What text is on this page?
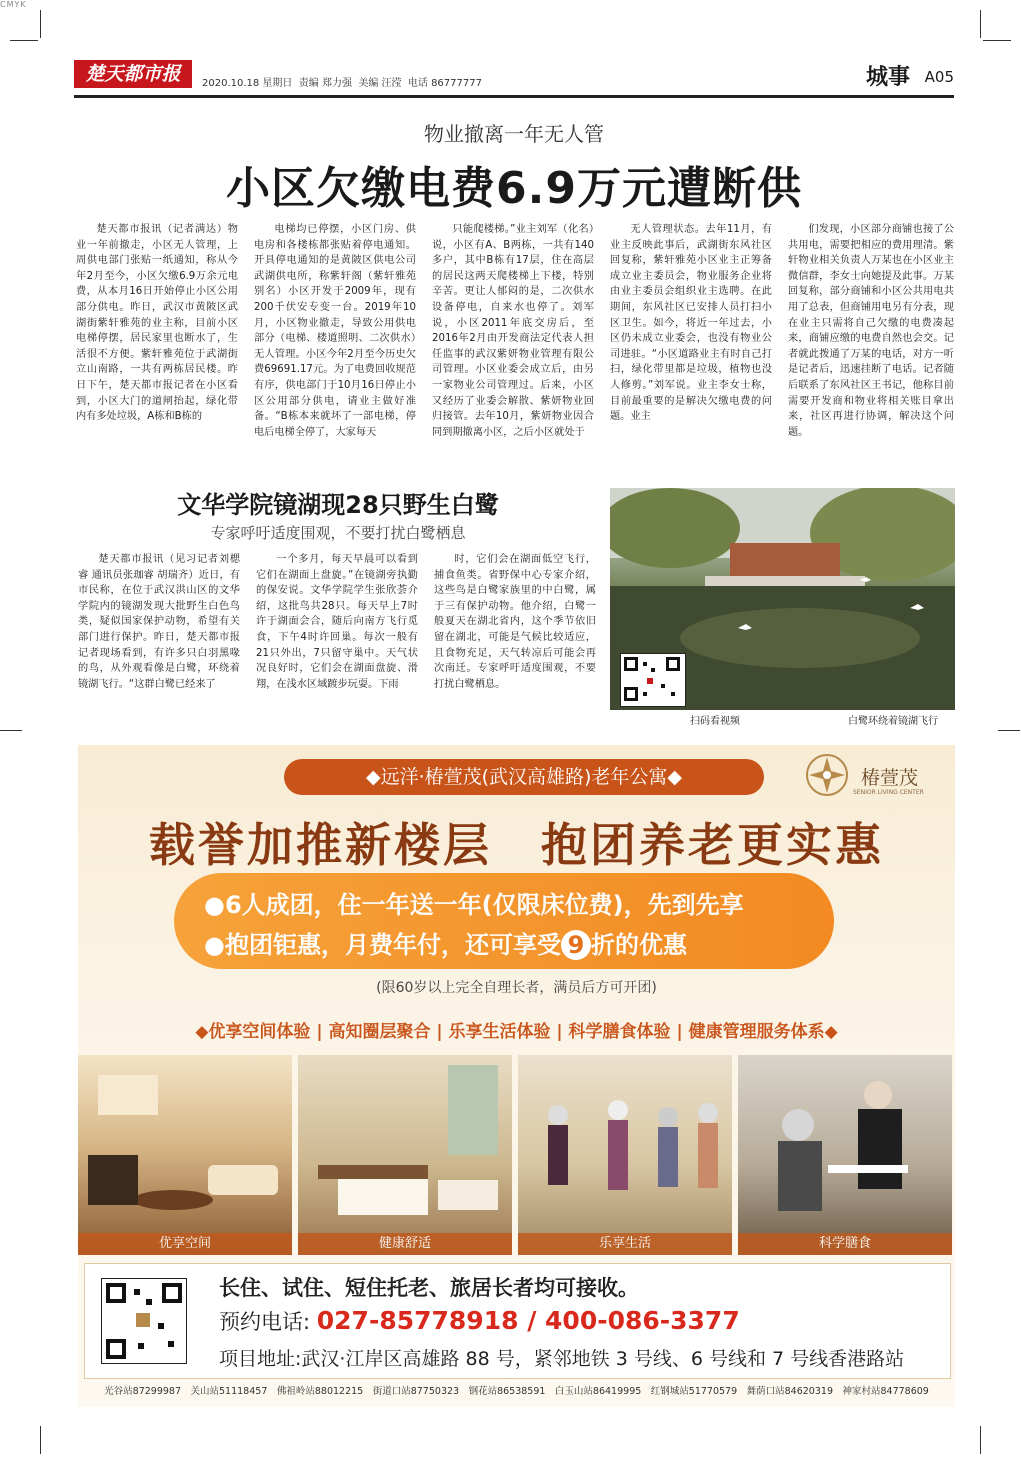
CMYK
楚天都市报	2020.10.18 星期日 责编 郑力强 美编 汪滢 电话 86777777	城事 A05
物业撤离一年无人管
小区欠缴电费6.9万元遭断供

楚天都市报讯（记者满达）物业一年前撤走，小区无人管理，上周供电部门张贴一纸通知，称从今年2月至今，小区欠缴6.9万余元电费，从本月16日开始停止小区公用部分供电。昨日，武汉市黄陂区武湖街紫轩雅苑的业主称，目前小区电梯停摆，居民家里也断水了，生活很不方便。紫轩雅苑位于武湖街立山南路，一共有两栋居民楼。昨日下午，楚天都市报记者在小区看到，小区大门的道闸抬起，绿化带内有多处垃圾，A栋和B栋的

电梯均已停摆，小区门房、供电房和各楼栋都张贴着停电通知。开具停电通知的是黄陂区供电公司武湖供电所，称紫轩阁（紫轩雅苑别名）小区开发于2009年，现有200千伏安专变一台。2019年10月，小区物业撤走，导致公用供电部分（电梯、楼道照明、二次供水）无人管理。小区今年2月至今历史欠费69691.17元。为了电费回收规范有序，供电部门于10月16日停止小区公用部分供电，请业主做好准备。“B栋本来就坏了一部电梯，停电后电梯全停了，大家每天

只能爬楼梯。”业主刘军（化名）说，小区有A、B两栋，一共有140多户，其中B栋有17层，住在高层的居民这两天爬楼梯上下楼，特别辛苦。更让人郁闷的是，二次供水设备停电，自来水也停了。刘军说，小区2011年底交房后，至2016年2月由开发商法定代表人担任监事的武汉紫妍物业管理有限公司管理。小区业委会成立后，由另一家物业公司管理过。后来，小区又经历了业委会解散、紫妍物业回归接管。去年10月，紫妍物业因合同到期撤离小区，之后小区就处于

无人管理状态。去年11月，有业主反映此事后，武湖街东风社区回复称，紫轩雅苑小区业主正筹备成立业主委员会，物业服务企业将由业主委员会组织业主选聘。在此期间，东风社区已安排人员打扫小区卫生。如今，将近一年过去，小区仍未成立业委会，也没有物业公司进驻。“小区道路业主有时自己打扫，绿化带里都是垃圾，植物也没人修剪。”刘军说。业主李女士称，目前最重要的是解决欠缴电费的问题。业主

们发现，小区部分商铺也接了公共用电，需要把相应的费用理清。紫轩物业相关负责人万某也在小区业主微信群，李女士向她提及此事。万某回复称，部分商铺和小区公共用电共用了总表，但商铺用电另有分表，现在业主只需将自己欠缴的电费凑起来，商铺应缴的电费自然也会交。记者就此拨通了万某的电话，对方一听是记者后，迅速挂断了电话。记者随后联系了东风社区王书记，他称目前需要开发商和物业将相关账目拿出来，社区再进行协调，解决这个问题。

文华学院镜湖现28只野生白鹭
专家呼吁适度围观，不要打扰白鹭栖息

楚天都市报讯（见习记者刘楒睿 通讯员张珈睿 胡瑞齐）近日，有市民称，在位于武汉洪山区的文华学院内的镜湖发现大批野生白色鸟类，疑似国家保护动物，希望有关部门进行保护。昨日，楚天都市报记者现场看到，有许多只白羽黑喙的鸟，从外观看像是白鹭，环绕着镜湖飞行。“这群白鹭已经来了

一个多月，每天早晨可以看到它们在湖面上盘旋。”在镜湖旁执勤的保安说。文华学院学生张欣荟介绍，这批鸟共28只。每天早上7时许于湖面会合，随后向南方飞行觅食，下午4时许回巢。每次一般有21只外出，7只留守巢中。天气状况良好时，它们会在湖面盘旋、滑翔，在浅水区域踱步玩耍。下雨

时，它们会在湖面低空飞行，捕食鱼类。省野保中心专家介绍，这些鸟是白鹭家族里的中白鹭，属于三有保护动物。他介绍，白鹭一般夏天在湖北省内，这个季节依旧留在湖北，可能是气候比较适应，且食物充足，天气转凉后可能会再次南迁。专家呼吁适度围观，不要打扰白鹭栖息。

扫码看视频	白鹭环绕着镜湖飞行
◆远洋·椿萱茂(武汉高雄路)老年公寓◆	椿萱茂
SENIOR LIVING CENTER
载誉加推新楼层　抱团养老更实惠
●6人成团，住一年送一年(仅限床位费)，先到先享
●抱团钜惠，月费年付，还可享受 9 折的优惠
(限60岁以上完全自理长者，满员后方可开团)
◆优享空间体验 | 高知圈层聚合 | 乐享生活体验 | 科学膳食体验 | 健康管理服务体系◆
优享空间	健康舒适	乐享生活	科学膳食
长住、试住、短住托老、旅居长者均可接收。
预约电话: 027-85778918 / 400-086-3377
项目地址:武汉·江岸区高雄路 88 号，紧邻地铁 3 号线、6 号线和 7 号线香港路站
光谷站87299987　关山站51118457　佛祖岭站88012215　街道口站87750323　钢花站86538591　白玉山站86419995　红钢城站51770579　舞荫口站84620319　神家村站84778609
